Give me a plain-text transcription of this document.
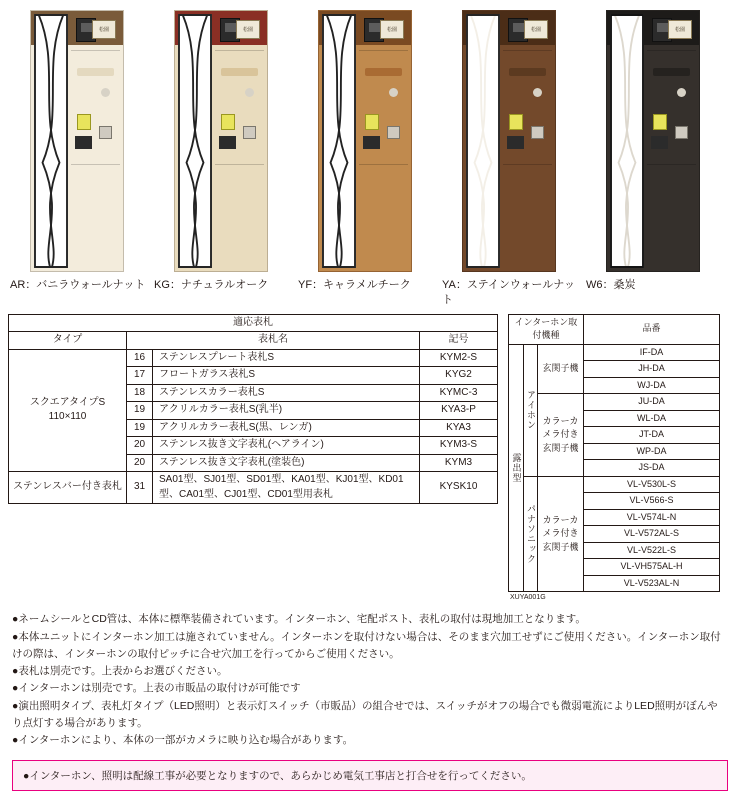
松園
AR：バニラウォールナット
松園
KG：ナチュラルオーク
松園
YF：キャラメルチーク
松園
YA：ステインウォールナット
松園
W6：桑炭
適応表札			
タイプ	表札名		記号
スクエアタイプS
110×110	16	ステンレスプレート表札S	KYM2-S
	17	フロートガラス表札S	KYG2
	18	ステンレスカラー表札S	KYMC-3
	19	アクリルカラー表札S(乳半)	KYA3-P
	19	アクリルカラー表札S(黒、レンガ)	KYA3
	20	ステンレス抜き文字表札(ヘアライン)	KYM3-S
	20	ステンレス抜き文字表札(塗装色)	KYM3
ステンレスバー付き表札	31	SA01型、SJ01型、SD01型、KA01型、KJ01型、KD01型、CA01型、CJ01型、CD01型用表札	KYSK10
インターホン取付機種			品番

露出型	アイホン	玄関子機	IF-DA
			JH-DA
			WJ-DA
		カラーカメラ付き玄関子機	JU-DA
			WL-DA
			JT-DA
			WP-DA
			JS-DA

	パナソニック	カラーカメラ付き玄関子機	VL-V530L-S
			VL-V566-S
			VL-V574L-N
			VL-V572AL-S
			VL-V522L-S
			VL-VH575AL-H
			VL-V523AL-N
XUYA001G
●ネームシールとCD管は、本体に標準装備されています。インターホン、宅配ポスト、表札の取付は現地加工となります。
●本体ユニットにインターホン加工は施されていません。インターホンを取付けない場合は、そのまま穴加工せずにご使用ください。インターホン取付けの際は、インターホンの取付ピッチに合せ穴加工を行ってからご使用ください。
●表札は別売です。上表からお選びください。
●インターホンは別売です。上表の市販品の取付けが可能です
●演出照明タイプ、表札灯タイプ（LED照明）と表示灯スイッチ（市販品）の組合せでは、スイッチがオフの場合でも微弱電流によりLED照明がぼんやり点灯する場合があります。
●インターホンにより、本体の一部がカメラに映り込む場合があります。
●インターホン、照明は配線工事が必要となりますので、あらかじめ電気工事店と打合せを行ってください。
